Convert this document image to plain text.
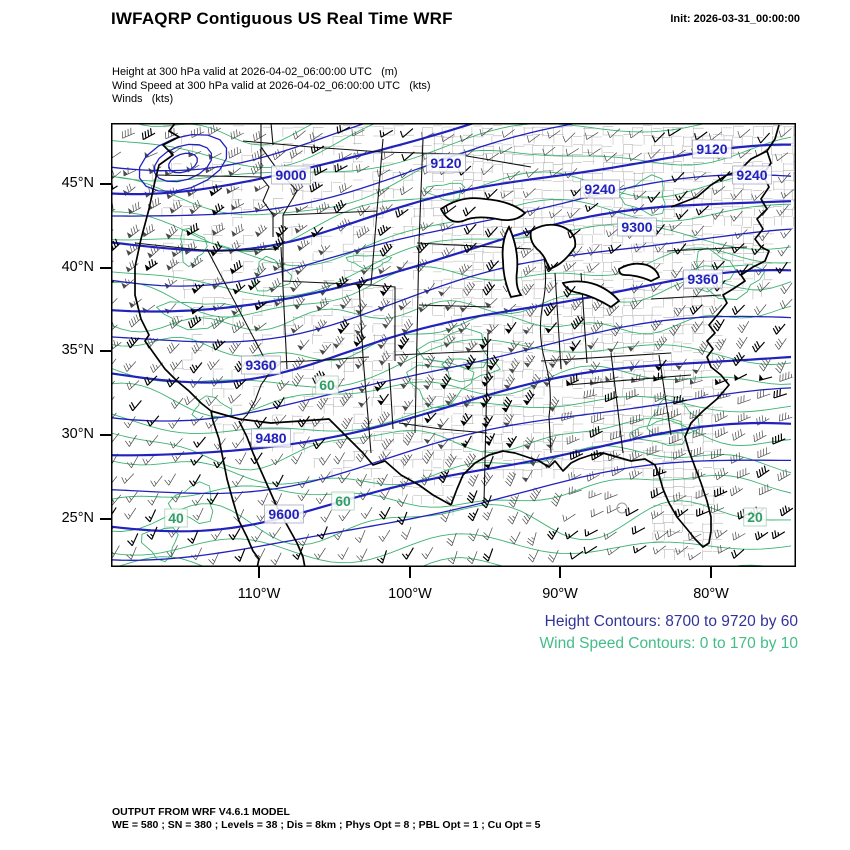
IWFAQRP Contiguous US Real Time WRF	Init: 2026-03-31_00:00:00
Height at 300 hPa valid at 2026-04-02_06:00:00 UTC   (m)
Wind Speed at 300 hPa valid at 2026-04-02_06:00:00 UTC   (kts)
Winds   (kts)
9000
9120
9120
9240
9240
9300
9360
9360
9480
9600
40
60
60
20
Height Contours: 8700 to 9720 by 60
Wind Speed Contours: 0 to 170 by 10
OUTPUT FROM WRF V4.6.1 MODEL
WE = 580 ; SN = 380 ; Levels = 38 ; Dis = 8km ; Phys Opt = 8 ; PBL Opt = 1 ; Cu Opt = 5
45°N
40°N
35°N
30°N
25°N
110°W	100°W	90°W	80°W
